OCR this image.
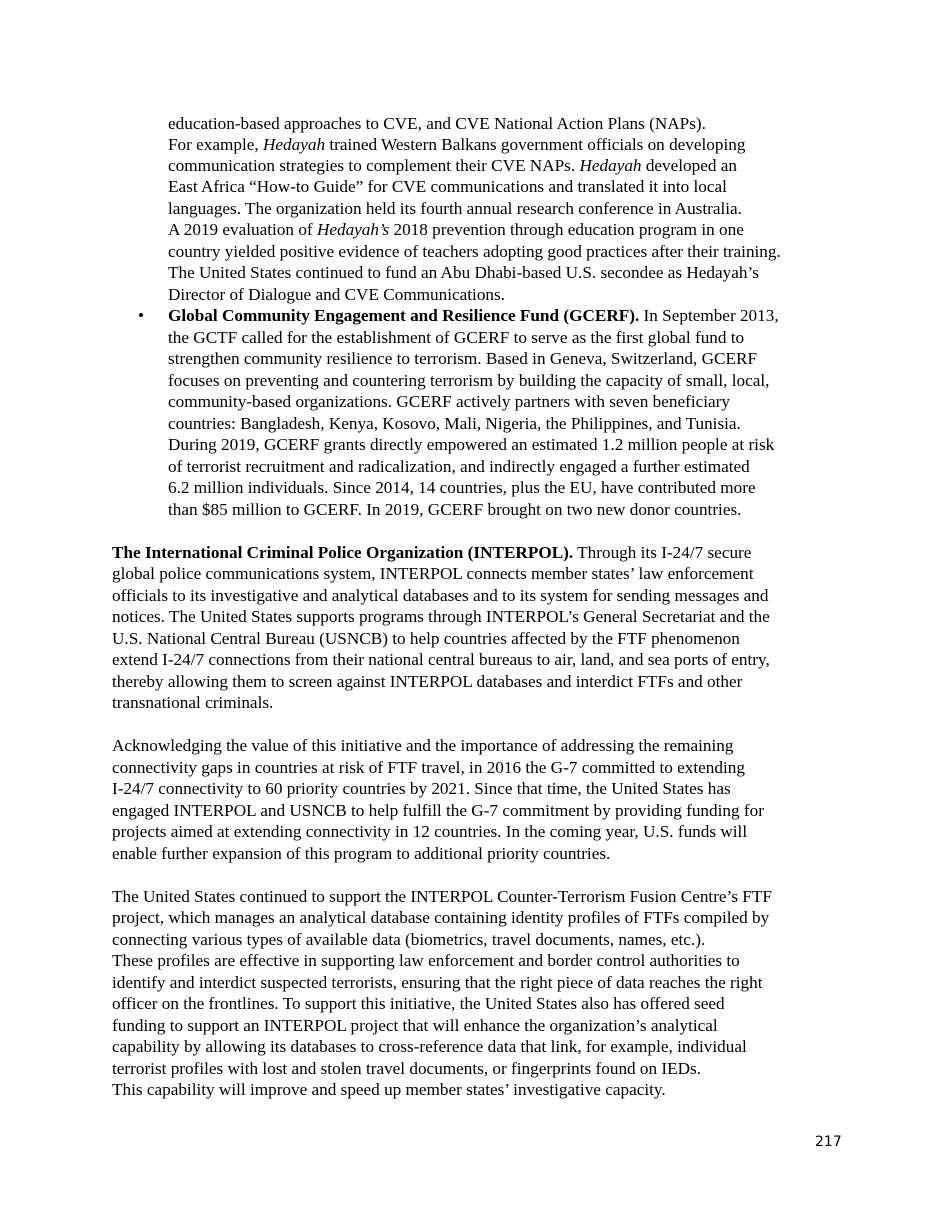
education-based approaches to CVE, and CVE National Action Plans (NAPs).

For example, Hedayah trained Western Balkans government officials on developing

communication strategies to complement their CVE NAPs. Hedayah developed an

East Africa “How-to Guide” for CVE communications and translated it into local

languages. The organization held its fourth annual research conference in Australia.

A 2019 evaluation of Hedayah’s 2018 prevention through education program in one

country yielded positive evidence of teachers adopting good practices after their training.

The United States continued to fund an Abu Dhabi-based U.S. secondee as Hedayah’s

Director of Dialogue and CVE Communications.

• Global Community Engagement and Resilience Fund (GCERF). In September 2013,

the GCTF called for the establishment of GCERF to serve as the first global fund to

strengthen community resilience to terrorism. Based in Geneva, Switzerland, GCERF

focuses on preventing and countering terrorism by building the capacity of small, local,

community-based organizations. GCERF actively partners with seven beneficiary

countries: Bangladesh, Kenya, Kosovo, Mali, Nigeria, the Philippines, and Tunisia.

During 2019, GCERF grants directly empowered an estimated 1.2 million people at risk

of terrorist recruitment and radicalization, and indirectly engaged a further estimated

6.2 million individuals. Since 2014, 14 countries, plus the EU, have contributed more

than $85 million to GCERF. In 2019, GCERF brought on two new donor countries.

The International Criminal Police Organization (INTERPOL). Through its I-24/7 secure

global police communications system, INTERPOL connects member states’ law enforcement

officials to its investigative and analytical databases and to its system for sending messages and

notices. The United States supports programs through INTERPOL’s General Secretariat and the

U.S. National Central Bureau (USNCB) to help countries affected by the FTF phenomenon

extend I-24/7 connections from their national central bureaus to air, land, and sea ports of entry,

thereby allowing them to screen against INTERPOL databases and interdict FTFs and other

transnational criminals.

Acknowledging the value of this initiative and the importance of addressing the remaining

connectivity gaps in countries at risk of FTF travel, in 2016 the G-7 committed to extending

I-24/7 connectivity to 60 priority countries by 2021. Since that time, the United States has

engaged INTERPOL and USNCB to help fulfill the G-7 commitment by providing funding for

projects aimed at extending connectivity in 12 countries. In the coming year, U.S. funds will

enable further expansion of this program to additional priority countries.

The United States continued to support the INTERPOL Counter-Terrorism Fusion Centre’s FTF

project, which manages an analytical database containing identity profiles of FTFs compiled by

connecting various types of available data (biometrics, travel documents, names, etc.).

These profiles are effective in supporting law enforcement and border control authorities to

identify and interdict suspected terrorists, ensuring that the right piece of data reaches the right

officer on the frontlines. To support this initiative, the United States also has offered seed

funding to support an INTERPOL project that will enhance the organization’s analytical

capability by allowing its databases to cross-reference data that link, for example, individual

terrorist profiles with lost and stolen travel documents, or fingerprints found on IEDs.

This capability will improve and speed up member states’ investigative capacity.

217
